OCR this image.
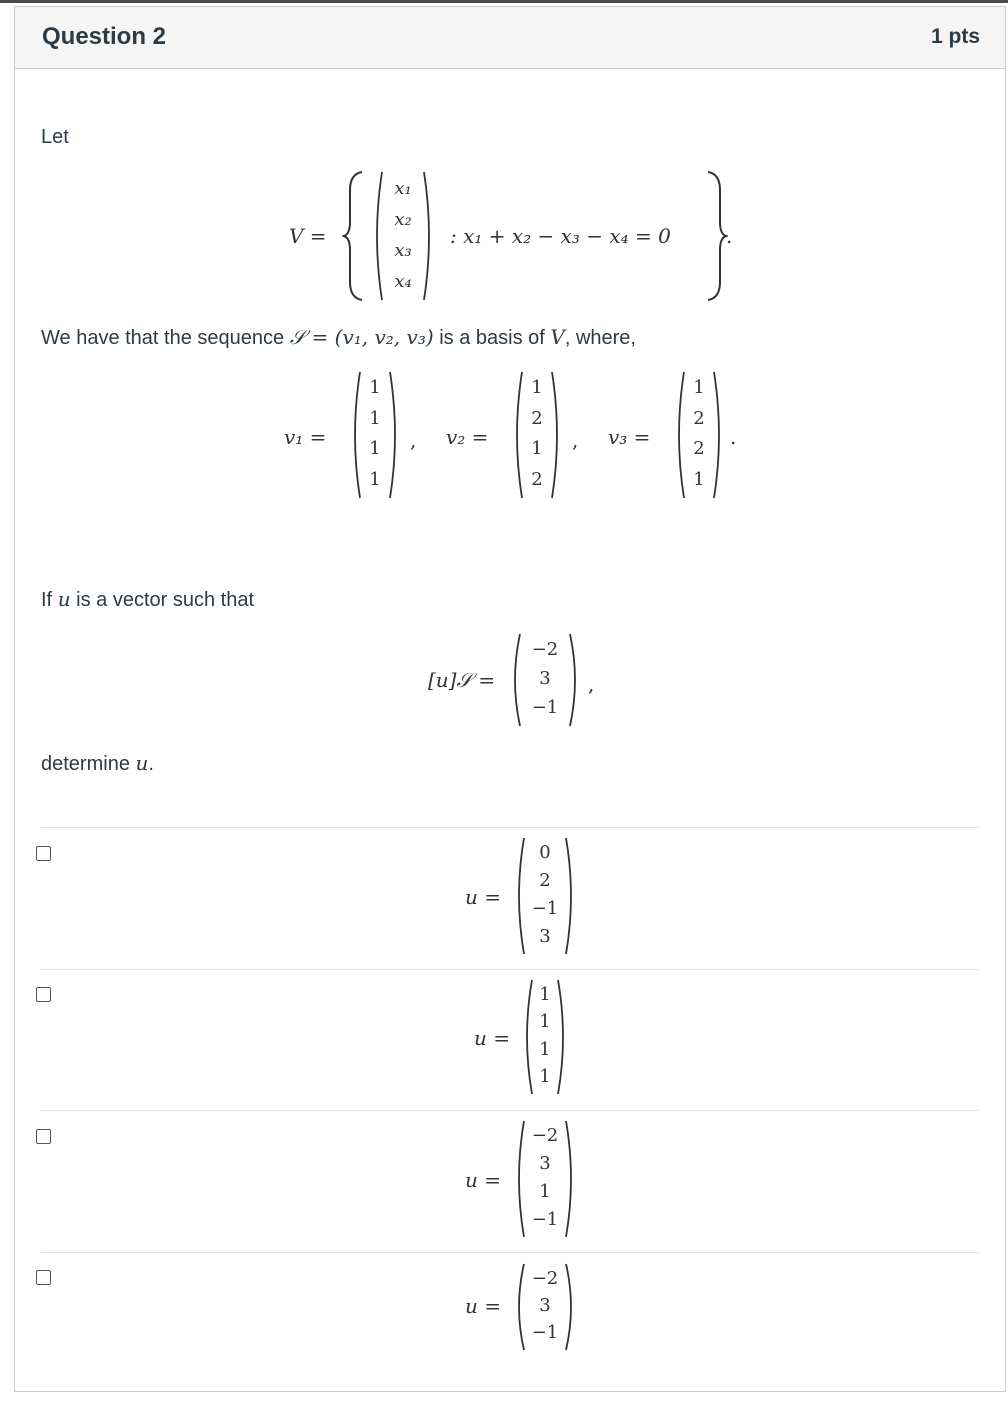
Question 2	1 pts
Let
V =
x₁
x₂
x₃
x₄
: x₁ + x₂ − x₃ − x₄ = 0	.
We have that the sequence 𝒮 = (v₁, v₂, v₃) is a basis of V, where,
v₁ =
1
1
1
1
, v₂ =
1
2
1
2
, v₃ =
1
2
2
1
.
If u is a vector such that
[u]𝒮 =
−2
3
−1
,
determine u.
u =
0
2
−1
3
u =
1
1
1
1
u =
−2
3
1
−1
u =
−2
3
−1
